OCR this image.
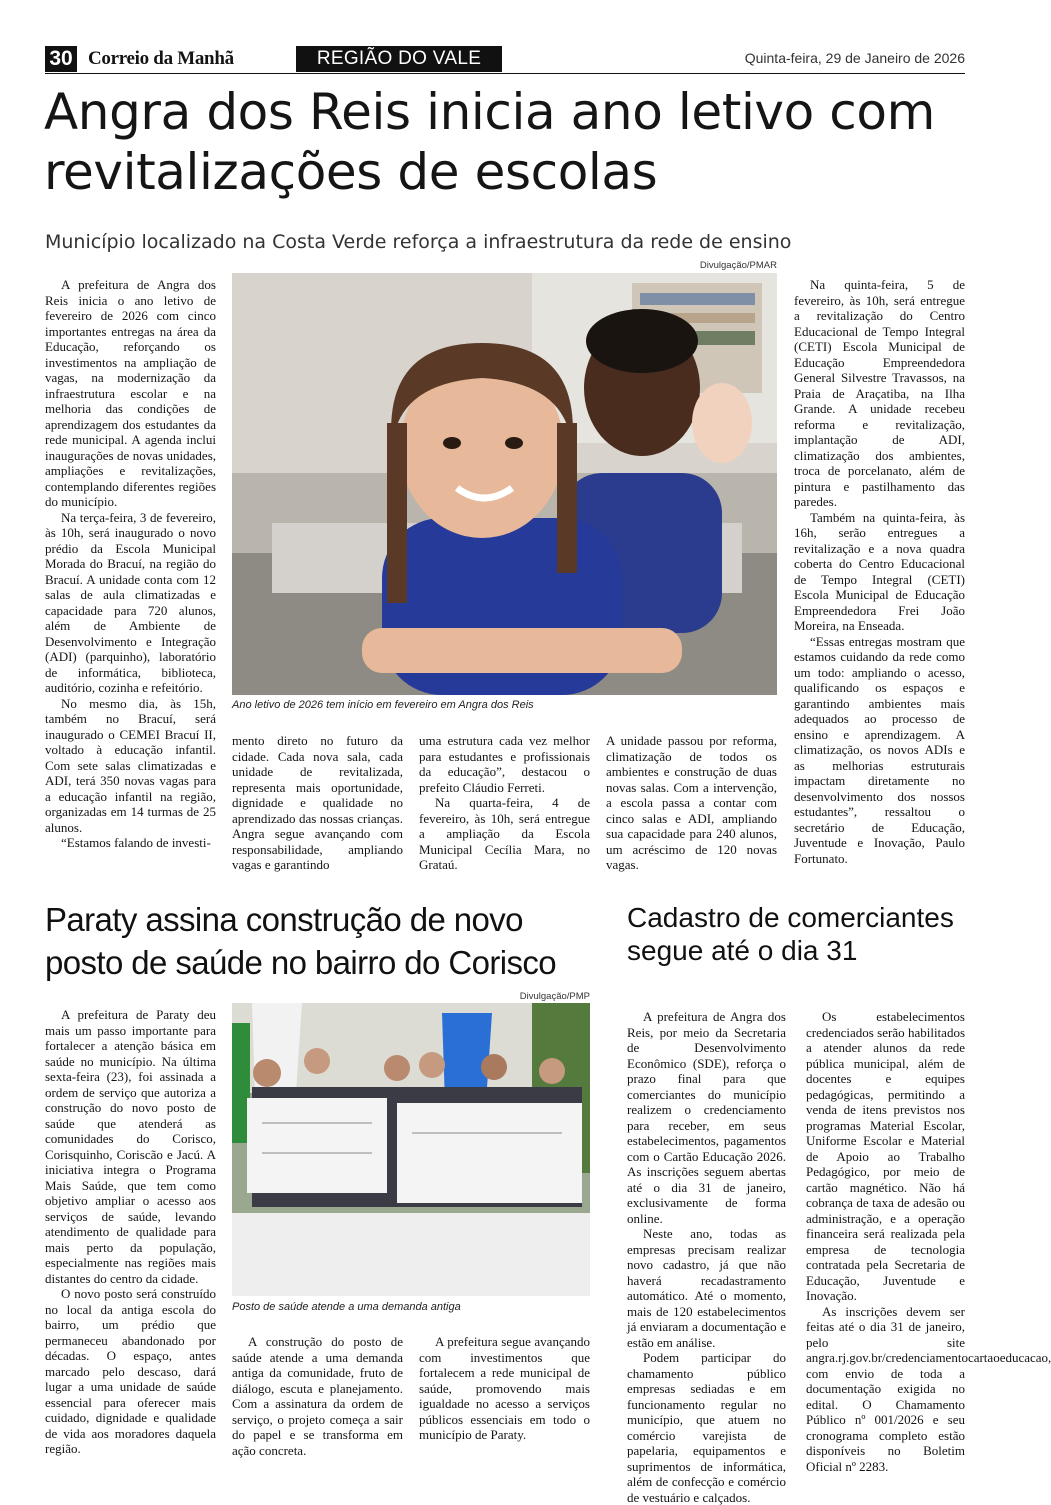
30 Correio da Manhã	REGIÃO DO VALE	Quinta-feira, 29 de Janeiro de 2026
Angra dos Reis inicia ano letivo com revitalizações de escolas
Município localizado na Costa Verde reforça a infraestrutura da rede de ensino

A prefeitura de Angra dos Reis inicia o ano letivo de fevereiro de 2026 com cinco importantes entregas na área da Educação, reforçando os investimentos na ampliação de vagas, na modernização da infraestrutura escolar e na melhoria das condições de aprendizagem dos estudantes da rede municipal. A agenda inclui inaugurações de novas unidades, ampliações e revitalizações, contemplando diferentes regiões do município.

Na terça-feira, 3 de fevereiro, às 10h, será inaugurado o novo prédio da Escola Municipal Morada do Bracuí, na região do Bracuí. A unidade conta com 12 salas de aula climatizadas e capacidade para 720 alunos, além de Ambiente de Desenvolvimento e Integração (ADI) (parquinho), laboratório de informática, biblioteca, auditório, cozinha e refeitório.

No mesmo dia, às 15h, também no Bracuí, será inaugurado o CEMEI Bracuí II, voltado à educação infantil. Com sete salas climatizadas e ADI, terá 350 novas vagas para a educação infantil na região, organizadas em 14 turmas de 25 alunos.

“Estamos falando de investi-

Divulgação/PMAR
Ano letivo de 2026 tem início em fevereiro em Angra dos Reis

mento direto no futuro da cidade. Cada nova sala, cada unidade de revitalizada, representa mais oportunidade, dignidade e qualidade no aprendizado das nossas crianças. Angra segue avançando com responsabilidade, ampliando vagas e garantindo

uma estrutura cada vez melhor para estudantes e profissionais da educação”, destacou o prefeito Cláudio Ferreti.

Na quarta-feira, 4 de fevereiro, às 10h, será entregue a ampliação da Escola Municipal Cecília Mara, no Grataú.

A unidade passou por reforma, climatização de todos os ambientes e construção de duas novas salas. Com a intervenção, a escola passa a contar com cinco salas e ADI, ampliando sua capacidade para 240 alunos, um acréscimo de 120 novas vagas.

Na quinta-feira, 5 de fevereiro, às 10h, será entregue a revitalização do Centro Educacional de Tempo Integral (CETI) Escola Municipal de Educação Empreendedora General Silvestre Travassos, na Praia de Araçatiba, na Ilha Grande. A unidade recebeu reforma e revitalização, implantação de ADI, climatização dos ambientes, troca de porcelanato, além de pintura e pastilhamento das paredes.

Também na quinta-feira, às 16h, serão entregues a revitalização e a nova quadra coberta do Centro Educacional de Tempo Integral (CETI) Escola Municipal de Educação Empreendedora Frei João Moreira, na Enseada.

“Essas entregas mostram que estamos cuidando da rede como um todo: ampliando o acesso, qualificando os espaços e garantindo ambientes mais adequados ao processo de ensino e aprendizagem. A climatização, os novos ADIs e as melhorias estruturais impactam diretamente no desenvolvimento dos nossos estudantes”, ressaltou o secretário de Educação, Juventude e Inovação, Paulo Fortunato.

Paraty assina construção de novo posto de saúde no bairro do Corisco

A prefeitura de Paraty deu mais um passo importante para fortalecer a atenção básica em saúde no município. Na última sexta-feira (23), foi assinada a ordem de serviço que autoriza a construção do novo posto de saúde que atenderá as comunidades do Corisco, Corisquinho, Coriscão e Jacú. A iniciativa integra o Programa Mais Saúde, que tem como objetivo ampliar o acesso aos serviços de saúde, levando atendimento de qualidade para mais perto da população, especialmente nas regiões mais distantes do centro da cidade.

O novo posto será construído no local da antiga escola do bairro, um prédio que permaneceu abandonado por décadas. O espaço, antes marcado pelo descaso, dará lugar a uma unidade de saúde essencial para oferecer mais cuidado, dignidade e qualidade de vida aos moradores daquela região.

Divulgação/PMP
Posto de saúde atende a uma demanda antiga

A construção do posto de saúde atende a uma demanda antiga da comunidade, fruto de diálogo, escuta e planejamento. Com a assinatura da ordem de serviço, o projeto começa a sair do papel e se transforma em ação concreta.

A prefeitura segue avançando com investimentos que fortalecem a rede municipal de saúde, promovendo mais igualdade no acesso a serviços públicos essenciais em todo o município de Paraty.

Cadastro de comerciantes segue até o dia 31

A prefeitura de Angra dos Reis, por meio da Secretaria de Desenvolvimento Econômico (SDE), reforça o prazo final para que comerciantes do município realizem o credenciamento para receber, em seus estabelecimentos, pagamentos com o Cartão Educação 2026. As inscrições seguem abertas até o dia 31 de janeiro, exclusivamente de forma online.

Neste ano, todas as empresas precisam realizar novo cadastro, já que não haverá recadastramento automático. Até o momento, mais de 120 estabelecimentos já enviaram a documentação e estão em análise.

Podem participar do chamamento público empresas sediadas e em funcionamento regular no município, que atuem no comércio varejista de papelaria, equipamentos e suprimentos de informática, além de confecção e comércio de vestuário e calçados.

Os estabelecimentos credenciados serão habilitados a atender alunos da rede pública municipal, além de docentes e equipes pedagógicas, permitindo a venda de itens previstos nos programas Material Escolar, Uniforme Escolar e Material de Apoio ao Trabalho Pedagógico, por meio de cartão magnético. Não há cobrança de taxa de adesão ou administração, e a operação financeira será realizada pela empresa de tecnologia contratada pela Secretaria de Educação, Juventude e Inovação.

As inscrições devem ser feitas até o dia 31 de janeiro, pelo site angra.rj.gov.br/credenciamentocartaoeducacao, com envio de toda a documentação exigida no edital. O Chamamento Público nº 001/2026 e seu cronograma completo estão disponíveis no Boletim Oficial nº 2283.
